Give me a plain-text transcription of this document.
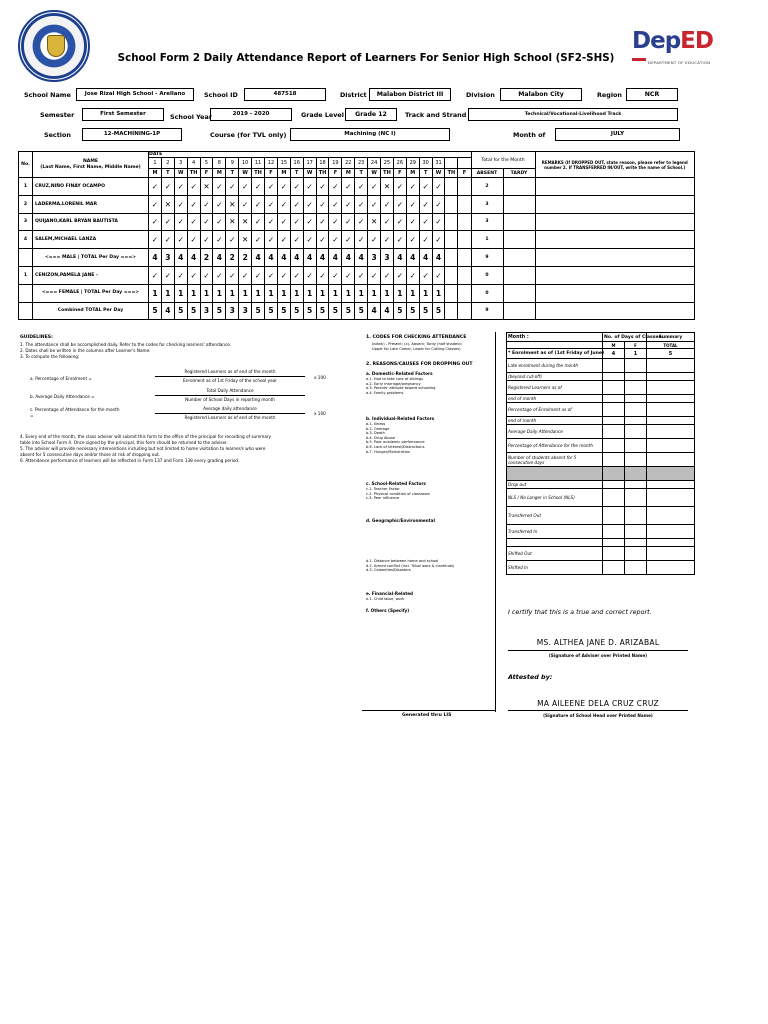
School Form 2 Daily Attendance Report of Learners For Senior High School (SF2-SHS)
DepED
DEPARTMENT OF EDUCATION
School Name	Jose Rizal High School - Arellano	School ID	487518	District	Malabon District III	Division	Malabon City	Region	NCR
Semester	First Semester	School Year	2019 - 2020	Grade Level	Grade 12	Track and Strand	Technical/Vocational-Livelihood Track
Section	12-MACHINING-1P	Course (for TVL only)	Machining (NC I)	Month of	JULY
No.	NAME
(Last Name, First Name, Middle Name)	DATE																									Total for the Month		REMARKS (If DROPPED OUT, state reason, please refer to legend number 2. If TRANSFERRED IN/OUT, write the name of School.)
		1	2	3	4	5	8	9	10	11	12	15	16	17	18	19	22	23	24	25	26	29	30	31					
		M	T	W	TH	F	M	T	W	TH	F	M	T	W	TH	F	M	T	W	TH	F	M	T	W	TH	F	ABSENT	TARDY	
1	CRUZ,NIÑO FINAY OCAMPO	✓	✓	✓	✓	✕	✓	✓	✓	✓	✓	✓	✓	✓	✓	✓	✓	✓	✓	✕	✓	✓	✓	✓			2		
2	LADERMA,LORENIL MAR	✓	✕	✓	✓	✓	✓	✕	✓	✓	✓	✓	✓	✓	✓	✓	✓	✓	✓	✓	✓	✓	✓	✓			3		
3	QUIJANO,KARL BRYAN BAUTISTA	✓	✓	✓	✓	✓	✓	✕	✕	✓	✓	✓	✓	✓	✓	✓	✓	✓	✕	✓	✓	✓	✓	✓			3		
4	SALEM,MICHAEL LANZA	✓	✓	✓	✓	✓	✓	✓	✕	✓	✓	✓	✓	✓	✓	✓	✓	✓	✓	✓	✓	✓	✓	✓			1		
	<=== MALE | TOTAL Per Day ===>	4	3	4	4	2	4	2	2	4	4	4	4	4	4	4	4	4	3	3	4	4	4	4			9		
1	CENIZON,PAMELA JANE -	✓	✓	✓	✓	✓	✓	✓	✓	✓	✓	✓	✓	✓	✓	✓	✓	✓	✓	✓	✓	✓	✓	✓			0		
	<=== FEMALE | TOTAL Per Day ===>	1	1	1	1	1	1	1	1	1	1	1	1	1	1	1	1	1	1	1	1	1	1	1			0		
	Combined TOTAL Per Day	5	4	5	5	3	5	3	3	5	5	5	5	5	5	5	5	5	4	4	5	5	5	5			9		
GUIDELINES:
1. The attendance shall be accomplished daily. Refer to the codes for checking learners' attendance.
2. Dates shall be written in the columns after Learner's Name.
3. To compute the following:
a. Percentage of Enrolment =
Registered Learners as of end of the month
Enrolment as of 1st Friday of the school year
x 100
b. Average Daily Attendance =
Total Daily Attendance
Number of School Days in reporting month
c. Percentage of Attendance for the month
=
Average daily attendance
Registered Learners as of end of the month
x 100
4. Every end of the month, the class adviser will submit this form to the office of the principal for recording of summary
table into School Form 4. Once signed by the principal, this form should be returned to the adviser.
5. The adviser will provide necessary interventions including but not limited to home visitation to learner/s who were
absent for 5 consecutive days and/or those at risk of dropping out.
6. Attendance performance of learners will be reflected in Form 137 and Form 138 every grading period.
Generated thru LIS
1. CODES FOR CHECKING ATTENDANCE
(blank) - Present; (x)- Absent; Tardy (half shaded=
Upper for Late Comer, Lower for Cutting Classes)
2. REASONS/CAUSES FOR DROPPING OUT
a. Domestic-Related Factors
a.1. Had to take care of siblings
a.2. Early marriage/pregnancy
a.3. Parents' attitude toward schooling
a.4. Family problems
b. Individual-Related Factors
b.1. Illness
b.2. Overage
b.3. Death
b.4. Drug Abuse
b.5. Poor academic performance
b.6. Lack of interest/Distractions
b.7. Hunger/Malnutrition
c. School-Related Factors
c.1. Teacher Factor
c.2. Physical condition of classroom
c.3. Peer influence
d. Geographic/Environmental
d.1. Distance between home and school
d.2. Armed conflict (incl. Tribal wars & clanfeuds)
d.3. Calamities/Disasters
e. Financial-Related
e.1. Child labor, work
f. Others (Specify)
Month :	No. of Days of Classes:		Summary
	M	F	TOTAL
* Enrolment as of (1st Friday of June)	4	1	5
Late enrolment during the month			
(beyond cut-off)			
Registered Learners as of			
end of month			
Percentage of Enrolment as of			
end of month			
Average Daily Attendance			
Percentage of Attendance for the month			
Number of students absent for 5 consecutive days			

Drop out			
NLS / No Longer in School (NLS)			
Transferred Out			
Transferred In			

Shifted Out			
Shifted In			
I certify that this is a true and correct report.
MS. ALTHEA JANE D. ARIZABAL
(Signature of Adviser over Printed Name)
Attested by:
MA AILEENE DELA CRUZ CRUZ
(Signature of School Head over Printed Name)
